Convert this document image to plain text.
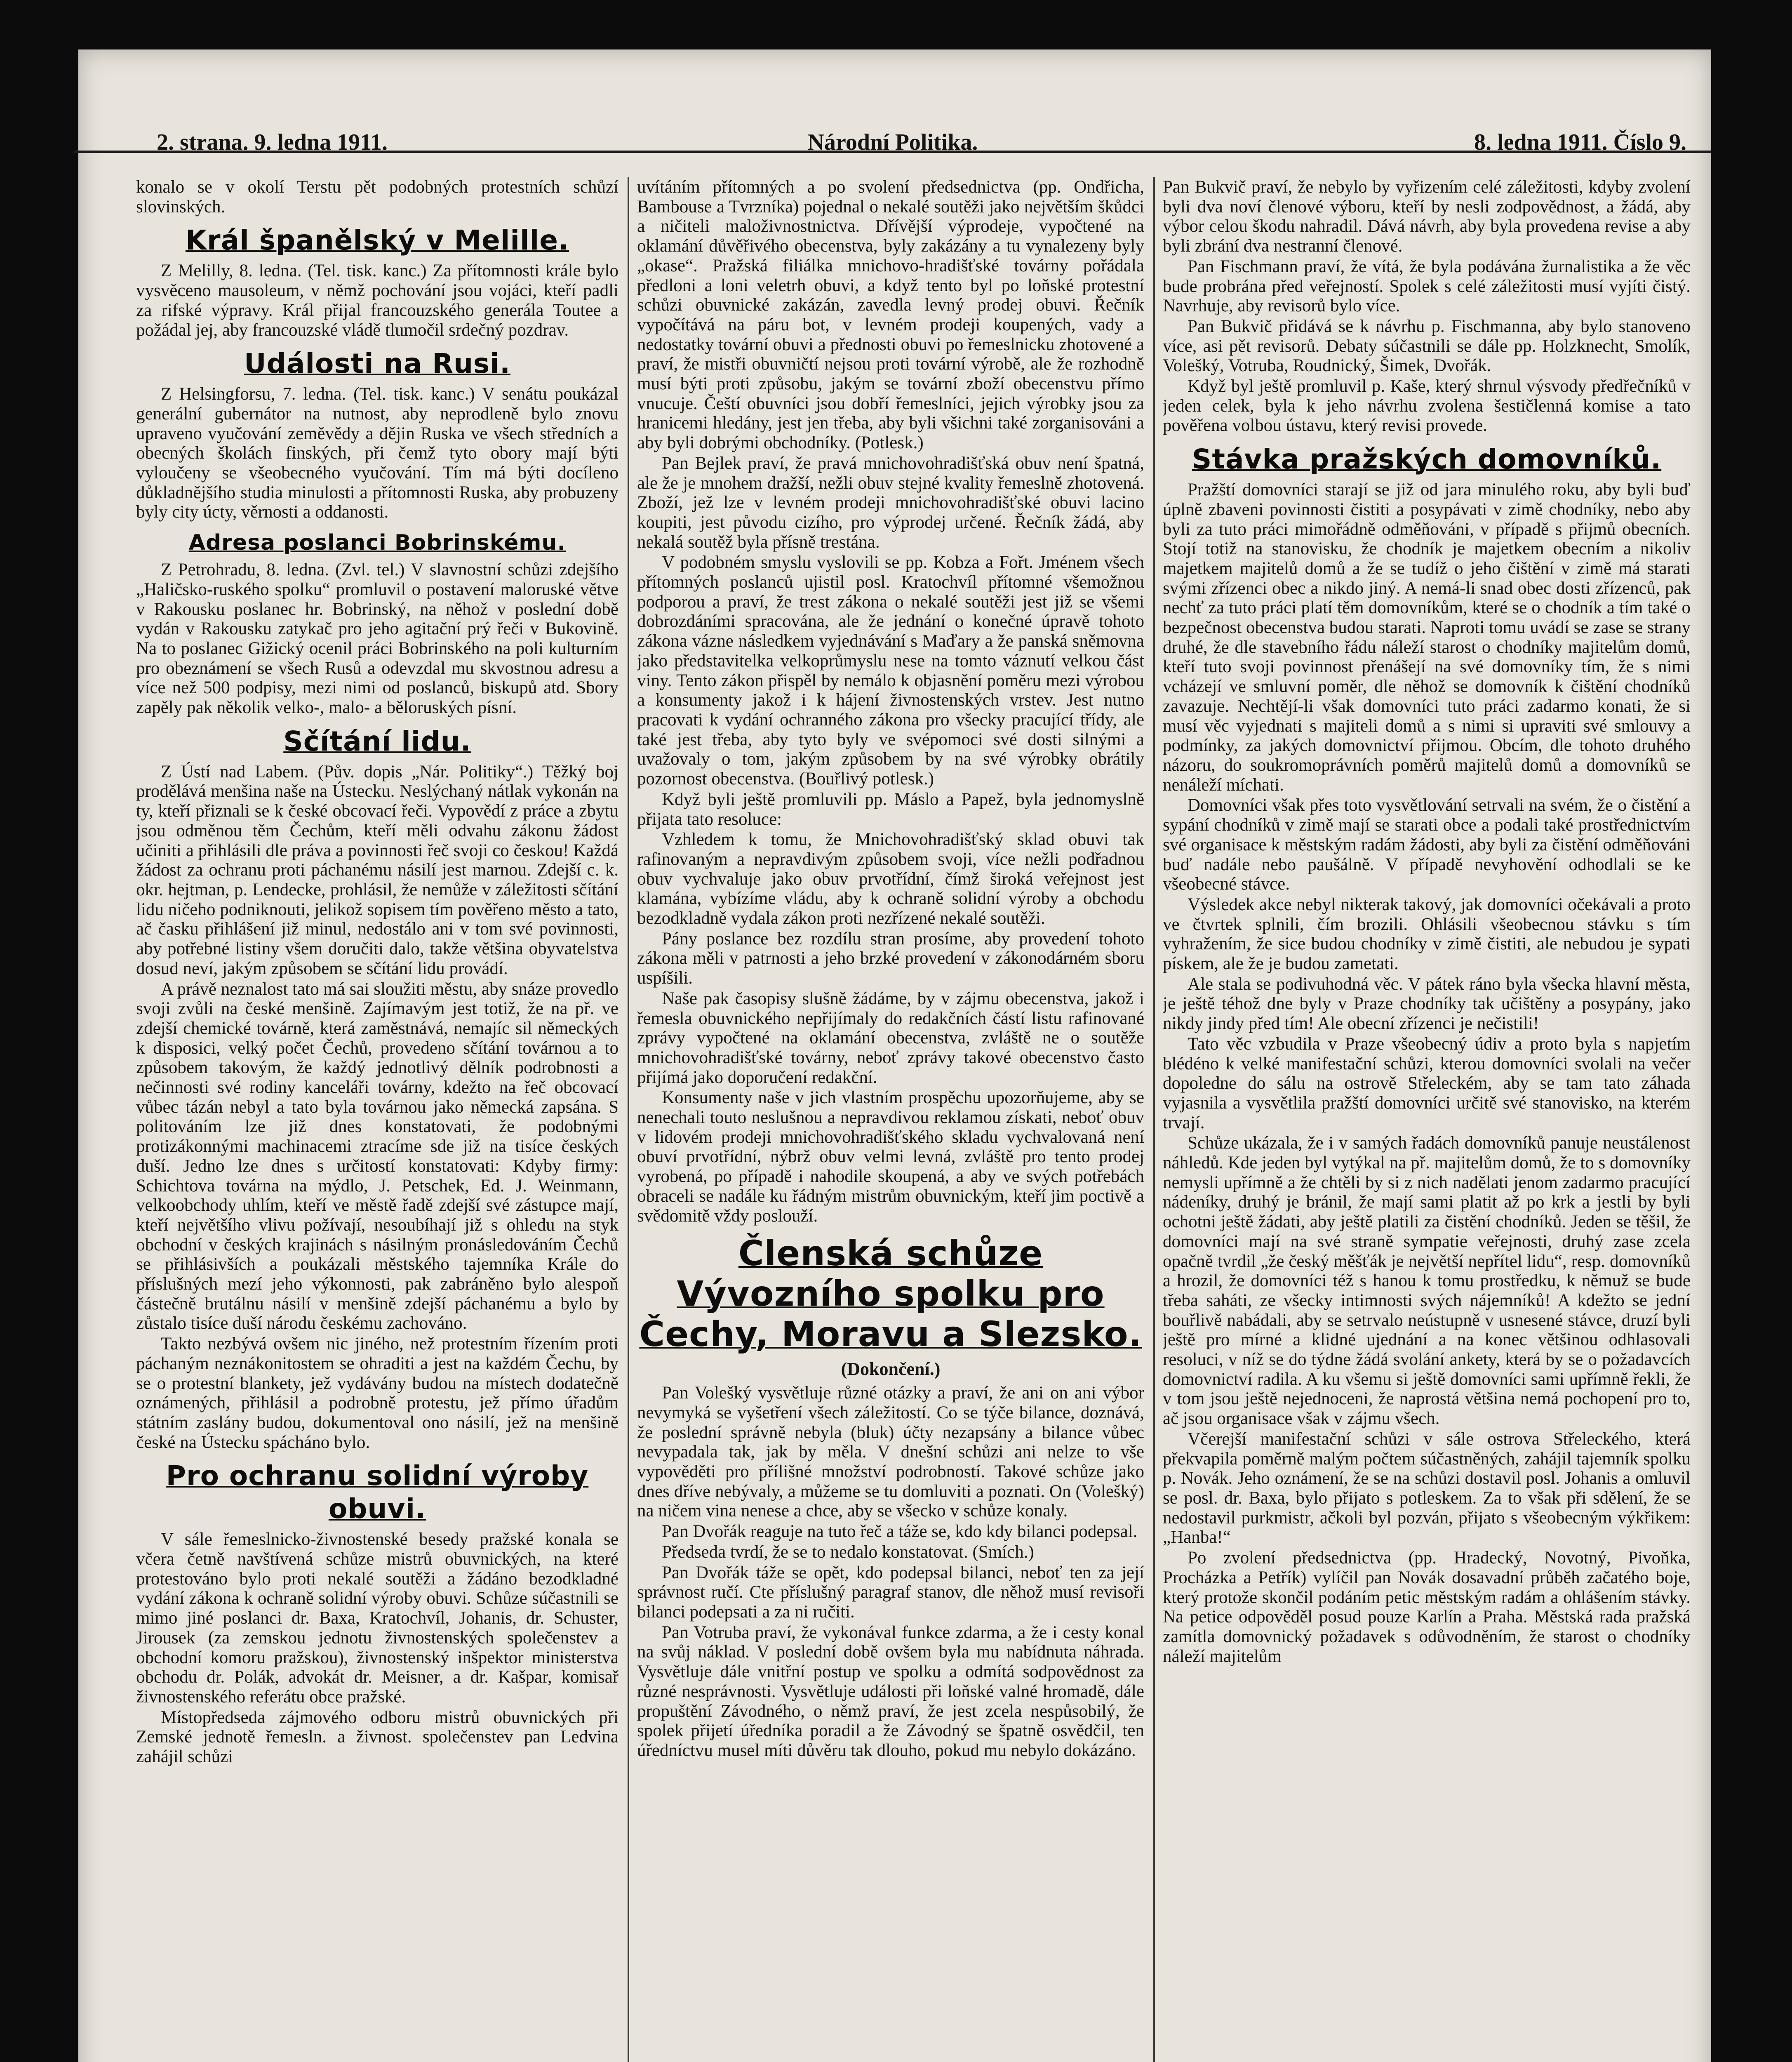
2. strana. 9. ledna 1911.	Národní Politika.	8. ledna 1911. Číslo 9.

konalo se v okolí Terstu pět podobných protestních schůzí slovinských.

Král španělský v Melille.

Z Melilly, 8. ledna. (Tel. tisk. kanc.) Za přítomnosti krále bylo vysvěceno mausoleum, v němž pochování jsou vojáci, kteří padli za rifské výpravy. Král přijal francouzského generála Toutee a požádal jej, aby francouzské vládě tlumočil srdečný pozdrav.

Události na Rusi.

Z Helsingforsu, 7. ledna. (Tel. tisk. kanc.) V senátu poukázal generální gubernátor na nutnost, aby neprodleně bylo znovu upraveno vyučování zeměvědy a dějin Ruska ve všech středních a obecných školách finských, při čemž tyto obory mají býti vyloučeny se všeobecného vyučování. Tím má býti docíleno důkladnějšího studia minulosti a přítomnosti Ruska, aby probuzeny byly city úcty, věrnosti a oddanosti.

Adresa poslanci Bobrinskému.

Z Petrohradu, 8. ledna. (Zvl. tel.) V slavnostní schůzi zdejšího „Haličsko-ruského spolku“ promluvil o postavení maloruské větve v Rakousku poslanec hr. Bobrinský, na něhož v poslední době vydán v Rakousku zatykač pro jeho agitační prý řeči v Bukovině. Na to poslanec Gižický ocenil práci Bobrinského na poli kulturním pro obeznámení se všech Rusů a odevzdal mu skvostnou adresu a více než 500 podpisy, mezi nimi od poslanců, biskupů atd. Sbory zapěly pak několik velko-, malo- a běloruských písní.

Sčítání lidu.

Z Ústí nad Labem. (Pův. dopis „Nár. Politiky“.) Těžký boj prodělává menšina naše na Ústecku. Neslýchaný nátlak vykonán na ty, kteří přiznali se k české obcovací řeči. Vypovědí z práce a zbytu jsou odměnou těm Čechům, kteří měli odvahu zákonu žádost učiniti a přihlásili dle práva a povinnosti řeč svoji co českou! Každá žádost za ochranu proti páchanému násilí jest marnou. Zdejší c. k. okr. hejtman, p. Lendecke, prohlásil, že nemůže v záležitosti sčítání lidu ničeho podniknouti, jelikož sopisem tím pověřeno město a tato, ač časku přihlášení již minul, nedostálo ani v tom své povinnosti, aby potřebné listiny všem doručiti dalo, takže většina obyvatelstva dosud neví, jakým způsobem se sčítání lidu provádí.

A právě neznalost tato má sai sloužiti městu, aby snáze provedlo svoji zvůli na české menšině. Zajímavým jest totiž, že na př. ve zdejší chemické továrně, která zaměstnává, nemajíc sil německých k disposici, velký počet Čechů, provedeno sčítání továrnou a to způsobem takovým, že každý jednotlivý dělník podrobnosti a nečinnosti své rodiny kanceláři továrny, kdežto na řeč obcovací vůbec tázán nebyl a tato byla továrnou jako německá zapsána. S politováním lze již dnes konstatovati, že podobnými protizákonnými machinacemi ztracíme sde již na tisíce českých duší. Jedno lze dnes s určitostí konstatovati: Kdyby firmy: Schichtova továrna na mýdlo, J. Petschek, Ed. J. Weinmann, velkoobchody uhlím, kteří ve městě řadě zdejší své zástupce mají, kteří největšího vlivu požívají, nesoubíhají již s ohledu na styk obchodní v českých krajinách s násilným pronásledováním Čechů se přihlásivších a poukázali městského tajemníka Krále do příslušných mezí jeho výkonnosti, pak zabráněno bylo alespoň částečně brutálnu násilí v menšině zdejší páchanému a bylo by zůstalo tisíce duší národu českému zachováno.

Takto nezbývá ovšem nic jiného, než protestním řízením proti páchaným neznákonitostem se ohraditi a jest na každém Čechu, by se o protestní blankety, jež vydávány budou na místech dodatečně oznámených, přihlásil a podrobně protestu, jež přímo úřadům státním zaslány budou, dokumentoval ono násilí, jež na menšině české na Ústecku spácháno bylo.

Pro ochranu solidní výroby obuvi.

V sále řemeslnicko-živnostenské besedy pražské konala se včera četně navštívená schůze mistrů obuvnických, na které protestováno bylo proti nekalé soutěži a žádáno bezodkladné vydání zákona k ochraně solidní výroby obuvi. Schůze súčastnili se mimo jiné poslanci dr. Baxa, Kratochvíl, Johanis, dr. Schuster, Jirousek (za zemskou jednotu živnostenských společenstev a obchodní komoru pražskou), živnostenský inšpektor ministerstva obchodu dr. Polák, advokát dr. Meisner, a dr. Kašpar, komisař živnostenského referátu obce pražské.

Místopředseda zájmového odboru mistrů obuvnických při Zemské jednotě řemesln. a živnost. společenstev pan Ledvina zahájil schůzi

uvítáním přítomných a po svolení předsednictva (pp. Ondřicha, Bambouse a Tvrzníka) pojednal o nekalé soutěži jako největším škůdci a ničiteli maloživnostnictva. Dřívější výprodeje, vypočtené na oklamání důvěřivého obecenstva, byly zakázány a tu vynalezeny byly „okase“. Pražská filiálka mnichovo-hradišťské továrny pořádala předloni a loni veletrh obuvi, a když tento byl po loňské protestní schůzi obuvnické zakázán, zavedla levný prodej obuvi. Řečník vypočítává na páru bot, v levném prodeji koupených, vady a nedostatky tovární obuvi a přednosti obuvi po řemeslnicku zhotovené a praví, že mistři obuvničtí nejsou proti tovární výrobě, ale že rozhodně musí býti proti způsobu, jakým se tovární zboží obecenstvu přímo vnucuje. Čeští obuvníci jsou dobří řemeslníci, jejich výrobky jsou za hranicemi hledány, jest jen třeba, aby byli všichni také zorganisováni a aby byli dobrými obchodníky. (Potlesk.)

Pan Bejlek praví, že pravá mnichovohradišťská obuv není špatná, ale že je mnohem dražší, nežli obuv stejné kvality řemeslně zhotovená. Zboží, jež lze v levném prodeji mnichovohradišťské obuvi lacino koupiti, jest původu cizího, pro výprodej určené. Řečník žádá, aby nekalá soutěž byla přísně trestána.

V podobném smyslu vyslovili se pp. Kobza a Fořt. Jménem všech přítomných poslanců ujistil posl. Kratochvíl přítomné všemožnou podporou a praví, že trest zákona o nekalé soutěži jest již se všemi dobrozdáními spracována, ale že jednání o konečné úpravě tohoto zákona vázne následkem vyjednávání s Maďary a že panská sněmovna jako představitelka velkoprůmyslu nese na tomto váznutí velkou část viny. Tento zákon přispěl by nemálo k objasnění poměru mezi výrobou a konsumenty jakož i k hájení živnostenských vrstev. Jest nutno pracovati k vydání ochranného zákona pro všecky pracující třídy, ale také jest třeba, aby tyto byly ve svépomoci své dosti silnými a uvažovaly o tom, jakým způsobem by na své výrobky obrátily pozornost obecenstva. (Bouřlivý potlesk.)

Když byli ještě promluvili pp. Máslo a Papež, byla jednomyslně přijata tato resoluce:

Vzhledem k tomu, že Mnichovohradišťský sklad obuvi tak rafinovaným a nepravdivým způsobem svoji, více nežli podřadnou obuv vychvaluje jako obuv prvotřídní, čímž široká veřejnost jest klamána, vybízíme vládu, aby k ochraně solidní výroby a obchodu bezodkladně vydala zákon proti nezřízené nekalé soutěži.

Pány poslance bez rozdílu stran prosíme, aby provedení tohoto zákona měli v patrnosti a jeho brzké provedení v zákonodárném sboru uspíšili.

Naše pak časopisy slušně žádáme, by v zájmu obecenstva, jakož i řemesla obuvnického nepřijímaly do redakčních částí listu rafinované zprávy vypočtené na oklamání obecenstva, zvláště ne o soutěže mnichovohradišťské továrny, neboť zprávy takové obecenstvo často přijímá jako doporučení redakční.

Konsumenty naše v jich vlastním prospěchu upozorňujeme, aby se nenechali touto neslušnou a nepravdivou reklamou získati, neboť obuv v lidovém prodeji mnichovohradišťského skladu vychvalovaná není obuví prvotřídní, nýbrž obuv velmi levná, zvláště pro tento prodej vyrobená, po případě i nahodile skoupená, a aby ve svých potřebách obraceli se nadále ku řádným mistrům obuvnickým, kteří jim poctivě a svědomitě vždy poslouží.

Členská schůze Vývozního spolku pro Čechy, Moravu a Slezsko.
(Dokončení.)

Pan Volešký vysvětluje různé otázky a praví, že ani on ani výbor nevymyká se vyšetření všech záležitostí. Co se týče bilance, doznává, že poslední správně nebyla (bluk) účty nezapsány a bilance vůbec nevypadala tak, jak by měla. V dnešní schůzi ani nelze to vše vypověděti pro přílišné množství podrobností. Takové schůze jako dnes dříve nebývaly, a můžeme se tu domluviti a poznati. On (Volešký) na ničem vina nenese a chce, aby se všecko v schůze konaly.

Pan Dvořák reaguje na tuto řeč a táže se, kdo kdy bilanci podepsal.

Předseda tvrdí, že se to nedalo konstatovat. (Smích.)

Pan Dvořák táže se opět, kdo podepsal bilanci, neboť ten za její správnost ručí. Cte příslušný paragraf stanov, dle něhož musí revisoři bilanci podepsati a za ni ručiti.

Pan Votruba praví, že vykonával funkce zdarma, a že i cesty konal na svůj náklad. V poslední době ovšem byla mu nabídnuta náhrada. Vysvětluje dále vnitřní postup ve spolku a odmítá sodpovědnost za různé nesprávnosti. Vysvětluje události při loňské valné hromadě, dále propuštění Závodného, o němž praví, že jest zcela nespůsobilý, že spolek přijetí úředníka poradil a že Závodný se špatně osvědčil, ten úředníctvu musel míti důvěru tak dlouho, pokud mu nebylo dokázáno.

Pan Bukvič praví, že nebylo by vyřizením celé záležitosti, kdyby zvolení byli dva noví členové výboru, kteří by nesli zodpovědnost, a žádá, aby výbor celou škodu nahradil. Dává návrh, aby byla provedena revise a aby byli zbrání dva nestranní členové.

Pan Fischmann praví, že vítá, že byla podávána žurnalistika a že věc bude probrána před veřejností. Spolek s celé záležitosti musí vyjíti čistý. Navrhuje, aby revisorů bylo více.

Pan Bukvič přidává se k návrhu p. Fischmanna, aby bylo stanoveno více, asi pět revisorů. Debaty súčastnili se dále pp. Holzknecht, Smolík, Volešký, Votruba, Roudnický, Šimek, Dvořák.

Když byl ještě promluvil p. Kaše, který shrnul výsvody předřečníků v jeden celek, byla k jeho návrhu zvolena šestičlenná komise a tato pověřena volbou ústavu, který revisi provede.

Stávka pražských domovníků.

Pražští domovníci starají se již od jara minulého roku, aby byli buď úplně zbaveni povinnosti čistiti a posypávati v zimě chodníky, nebo aby byli za tuto práci mimořádně odměňováni, v případě s přijmů obecních. Stojí totiž na stanovisku, že chodník je majetkem obecním a nikoliv majetkem majitelů domů a že se tudíž o jeho čištění v zimě má starati svými zřízenci obec a nikdo jiný. A nemá-li snad obec dosti zřízenců, pak nechť za tuto práci platí těm domovníkům, které se o chodník a tím také o bezpečnost obecenstva budou starati. Naproti tomu uvádí se zase se strany druhé, že dle stavebního řádu náleží starost o chodníky majitelům domů, kteří tuto svoji povinnost přenášejí na své domovníky tím, že s nimi vcházejí ve smluvní poměr, dle něhož se domovník k čištění chodníků zavazuje. Nechtějí-li však domovníci tuto práci zadarmo konati, že si musí věc vyjednati s majiteli domů a s nimi si upraviti své smlouvy a podmínky, za jakých domovnictví přijmou. Obcím, dle tohoto druhého názoru, do soukromoprávních poměrů majitelů domů a domovníků se nenáleží míchati.

Domovníci však přes toto vysvětlování setrvali na svém, že o čistění a sypání chodníků v zimě mají se starati obce a podali také prostřednictvím své organisace k městským radám žádosti, aby byli za čistění odměňováni buď nadále nebo paušálně. V případě nevyhovění odhodlali se ke všeobecné stávce.

Výsledek akce nebyl nikterak takový, jak domovníci očekávali a proto ve čtvrtek splnili, čím brozili. Ohlásili všeobecnou stávku s tím vyhražením, že sice budou chodníky v zimě čistiti, ale nebudou je sypati pískem, ale že je budou zametati.

Ale stala se podivuhodná věc. V pátek ráno byla všecka hlavní města, je ještě téhož dne byly v Praze chodníky tak učištěny a posypány, jako nikdy jindy před tím! Ale obecní zřízenci je nečistili!

Tato věc vzbudila v Praze všeobecný údiv a proto byla s napjetím blédéno k velké manifestační schůzi, kterou domovníci svolali na večer dopoledne do sálu na ostrově Střeleckém, aby se tam tato záhada vyjasnila a vysvětlila pražští domovníci určitě své stanovisko, na kterém trvají.

Schůze ukázala, že i v samých řadách domovníků panuje neustálenost náhledů. Kde jeden byl vytýkal na př. majitelům domů, že to s domovníky nemysli upřímně a že chtěli by si z nich nadělati jenom zadarmo pracující nádeníky, druhý je bránil, že mají sami platit až po krk a jestli by byli ochotni ještě žádati, aby ještě platili za čistění chodníků. Jeden se těšil, že domovníci mají na své straně sympatie veřejnosti, druhý zase zcela opačně tvrdil „že český měšťák je největší nepřítel lidu“, resp. domovníků a hrozil, že domovníci též s hanou k tomu prostředku, k němuž se bude třeba saháti, ze všecky intimnosti svých nájemníků! A kdežto se jední bouřlivě nabádali, aby se setrvalo neústupně v usnesené stávce, druzí byli ještě pro mírné a klidné ujednání a na konec většinou odhlasovali resoluci, v níž se do týdne žádá svolání ankety, která by se o požadavcích domovnictví radila. A ku všemu si ještě domovníci sami upřímně řekli, že v tom jsou ještě nejednoceni, že naprostá většina nemá pochopení pro to, ač jsou organisace však v zájmu všech.

Včerejší manifestační schůzi v sále ostrova Střeleckého, která překvapila poměrně malým počtem súčastněných, zahájil tajemník spolku p. Novák. Jeho oznámení, že se na schůzi dostavil posl. Johanis a omluvil se posl. dr. Baxa, bylo přijato s potleskem. Za to však při sdělení, že se nedostavil purkmistr, ačkoli byl pozván, přijato s všeobecným výkřikem: „Hanba!“

Po zvolení předsednictva (pp. Hradecký, Novotný, Pivoňka, Procházka a Petřík) vylíčil pan Novák dosavadní průběh začatého boje, který protože skončil podáním petic městským radám a ohlášením stávky. Na petice odpověděl posud pouze Karlín a Praha. Městská rada pražská zamítla domovnický požadavek s odůvodněním, že starost o chodníky náleží majitelům
